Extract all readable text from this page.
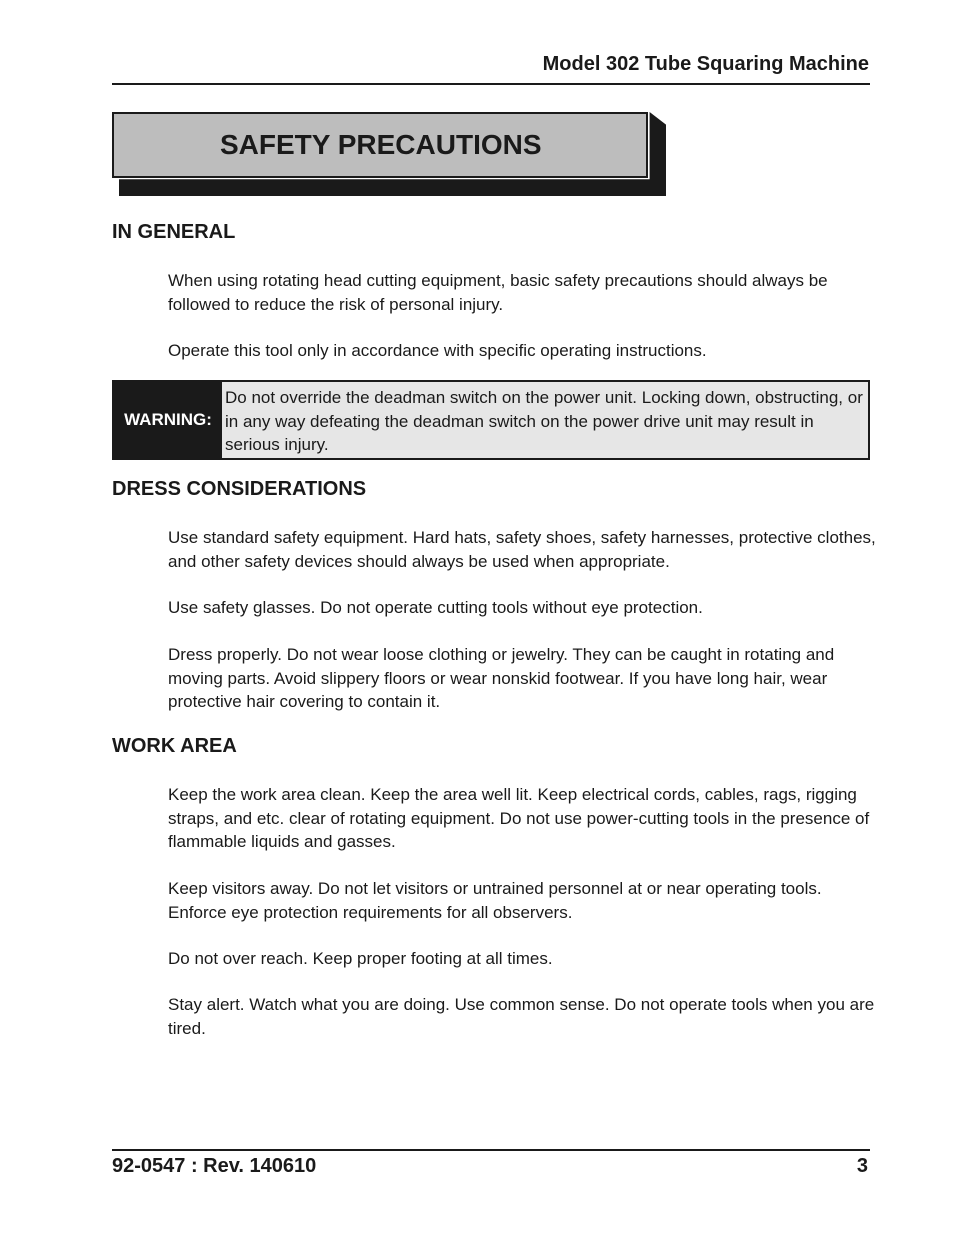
Model 302 Tube Squaring Machine
SAFETY PRECAUTIONS
IN GENERAL

When using rotating head cutting equipment, basic safety precautions should always be followed to reduce the risk of personal injury.

Operate this tool only in accordance with specific operating instructions.

WARNING:

Do not override the deadman switch on the power unit. Locking down, obstructing, or in any way defeating the deadman switch on the power drive unit may result in serious injury.

DRESS CONSIDERATIONS

Use standard safety equipment. Hard hats, safety shoes, safety harnesses, protective clothes, and other safety devices should always be used when appropriate.

Use safety glasses. Do not operate cutting tools without eye protection.

Dress properly. Do not wear loose clothing or jewelry. They can be caught in rotating and moving parts. Avoid slippery floors or wear nonskid footwear. If you have long hair, wear protective hair covering to contain it.

WORK AREA

Keep the work area clean. Keep the area well lit. Keep electrical cords, cables, rags, rigging straps, and etc. clear of rotating equipment. Do not use power-cutting tools in the presence of flammable liquids and gasses.

Keep visitors away. Do not let visitors or untrained personnel at or near operating tools. Enforce eye protection requirements for all observers.

Do not over reach. Keep proper footing at all times.

Stay alert. Watch what you are doing. Use common sense. Do not operate tools when you are tired.

92-0547 : Rev. 140610	3
